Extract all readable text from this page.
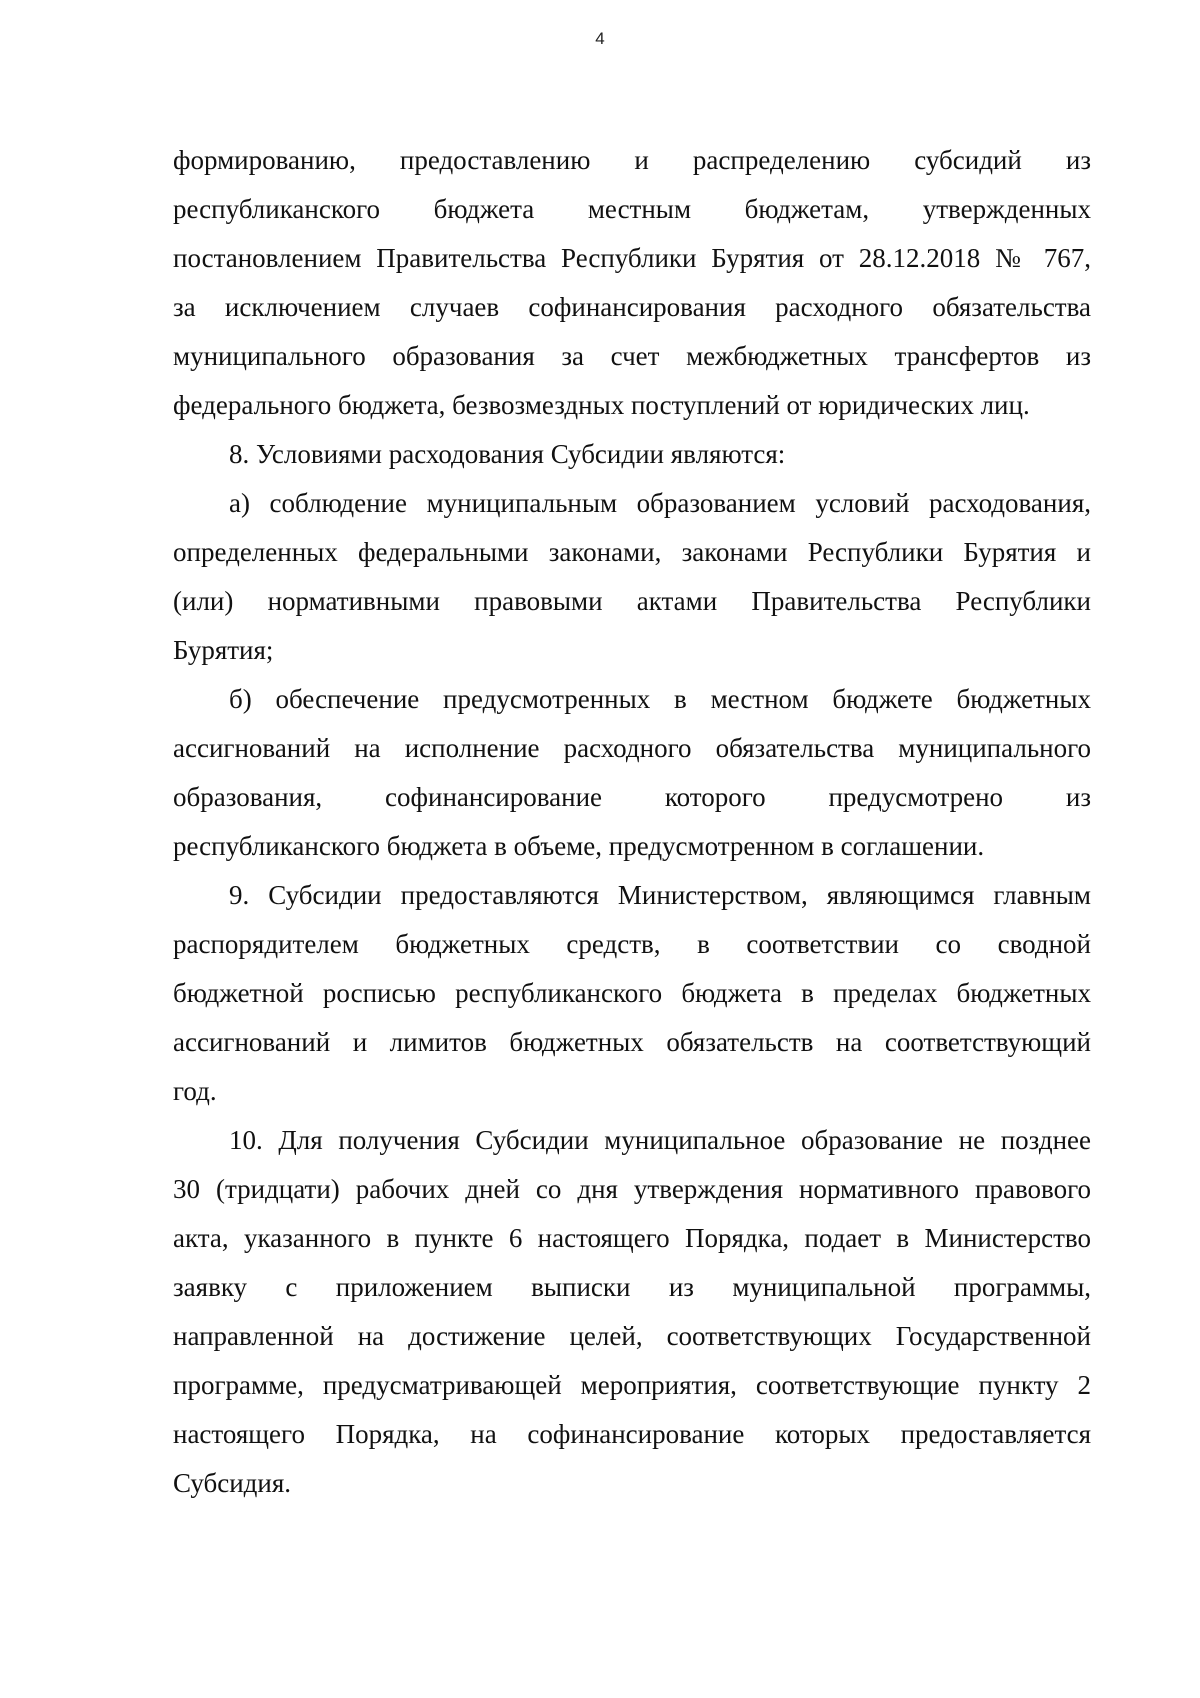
4
формированию, предоставлению и распределению субсидий из
республиканского бюджета местным бюджетам, утвержденных
постановлением Правительства Республики Бурятия от 28.12.2018 № 767,
за исключением случаев софинансирования расходного обязательства
муниципального образования за счет межбюджетных трансфертов из
федерального бюджета, безвозмездных поступлений от юридических лиц.
8. Условиями расходования Субсидии являются:
а) соблюдение муниципальным образованием условий расходования,
определенных федеральными законами, законами Республики Бурятия и
(или) нормативными правовыми актами Правительства Республики
Бурятия;
б) обеспечение предусмотренных в местном бюджете бюджетных
ассигнований на исполнение расходного обязательства муниципального
образования, софинансирование которого предусмотрено из
республиканского бюджета в объеме, предусмотренном в соглашении.
9. Субсидии предоставляются Министерством, являющимся главным
распорядителем бюджетных средств, в соответствии со сводной
бюджетной росписью республиканского бюджета в пределах бюджетных
ассигнований и лимитов бюджетных обязательств на соответствующий
год.
10. Для получения Субсидии муниципальное образование не позднее
30 (тридцати) рабочих дней со дня утверждения нормативного правового
акта, указанного в пункте 6 настоящего Порядка, подает в Министерство
заявку с приложением выписки из муниципальной программы,
направленной на достижение целей, соответствующих Государственной
программе, предусматривающей мероприятия, соответствующие пункту 2
настоящего Порядка, на софинансирование которых предоставляется
Субсидия.
